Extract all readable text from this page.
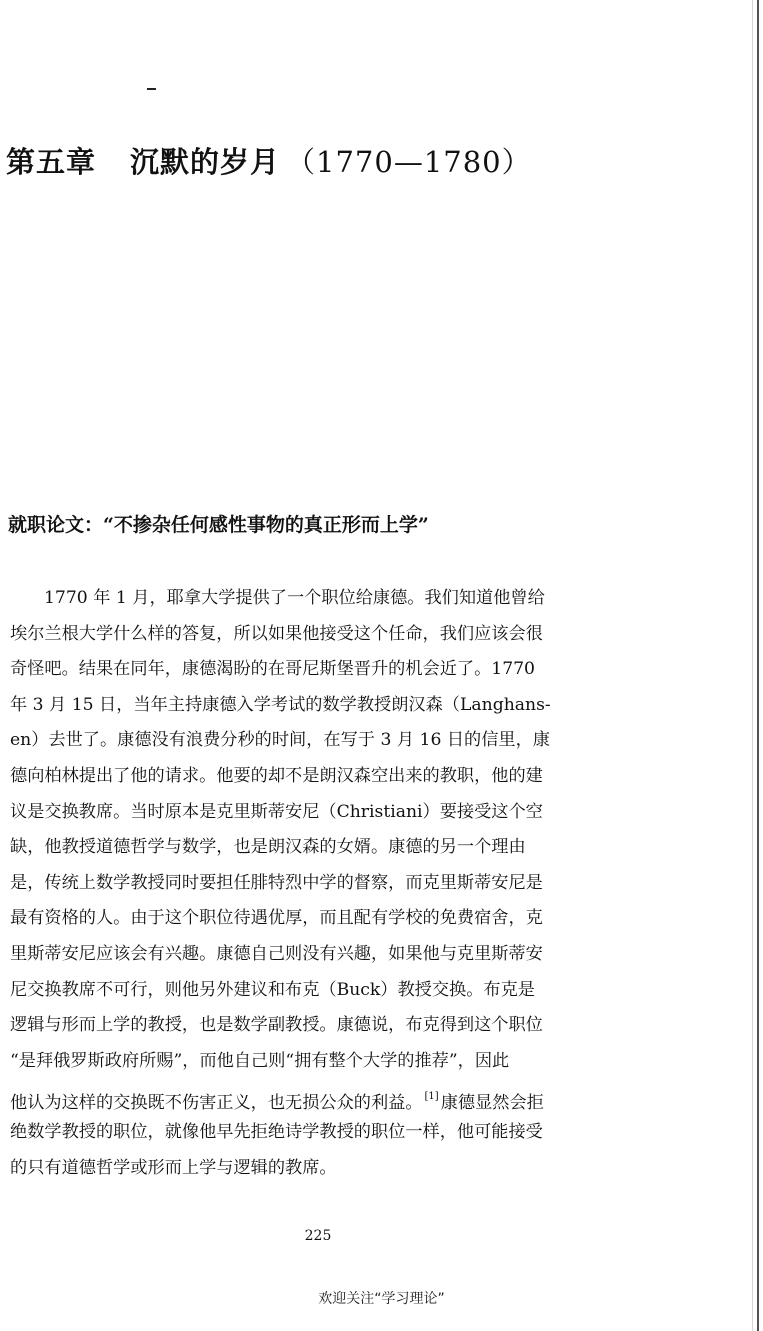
第五章 沉默的岁月 （1770—1780）
就职论文：“不掺杂任何感性事物的真正形而上学”
1770 年 1 月，耶拿大学提供了一个职位给康德。我们知道他曾给
埃尔兰根大学什么样的答复，所以如果他接受这个任命，我们应该会很
奇怪吧。结果在同年，康德渴盼的在哥尼斯堡晋升的机会近了。1770
年 3 月 15 日，当年主持康德入学考试的数学教授朗汉森（Langhans-
en）去世了。康德没有浪费分秒的时间，在写于 3 月 16 日的信里，康
德向柏林提出了他的请求。他要的却不是朗汉森空出来的教职，他的建
议是交换教席。当时原本是克里斯蒂安尼（Christiani）要接受这个空
缺，他教授道德哲学与数学，也是朗汉森的女婿。康德的另一个理由
是，传统上数学教授同时要担任腓特烈中学的督察，而克里斯蒂安尼是
最有资格的人。由于这个职位待遇优厚，而且配有学校的免费宿舍，克
里斯蒂安尼应该会有兴趣。康德自己则没有兴趣，如果他与克里斯蒂安
尼交换教席不可行，则他另外建议和布克（Buck）教授交换。布克是
逻辑与形而上学的教授，也是数学副教授。康德说，布克得到这个职位
“是拜俄罗斯政府所赐”，而他自己则“拥有整个大学的推荐”，因此
他认为这样的交换既不伤害正义，也无损公众的利益。 [1] 康德显然会拒
绝数学教授的职位，就像他早先拒绝诗学教授的职位一样，他可能接受
的只有道德哲学或形而上学与逻辑的教席。
225
欢迎关注“学习理论”
